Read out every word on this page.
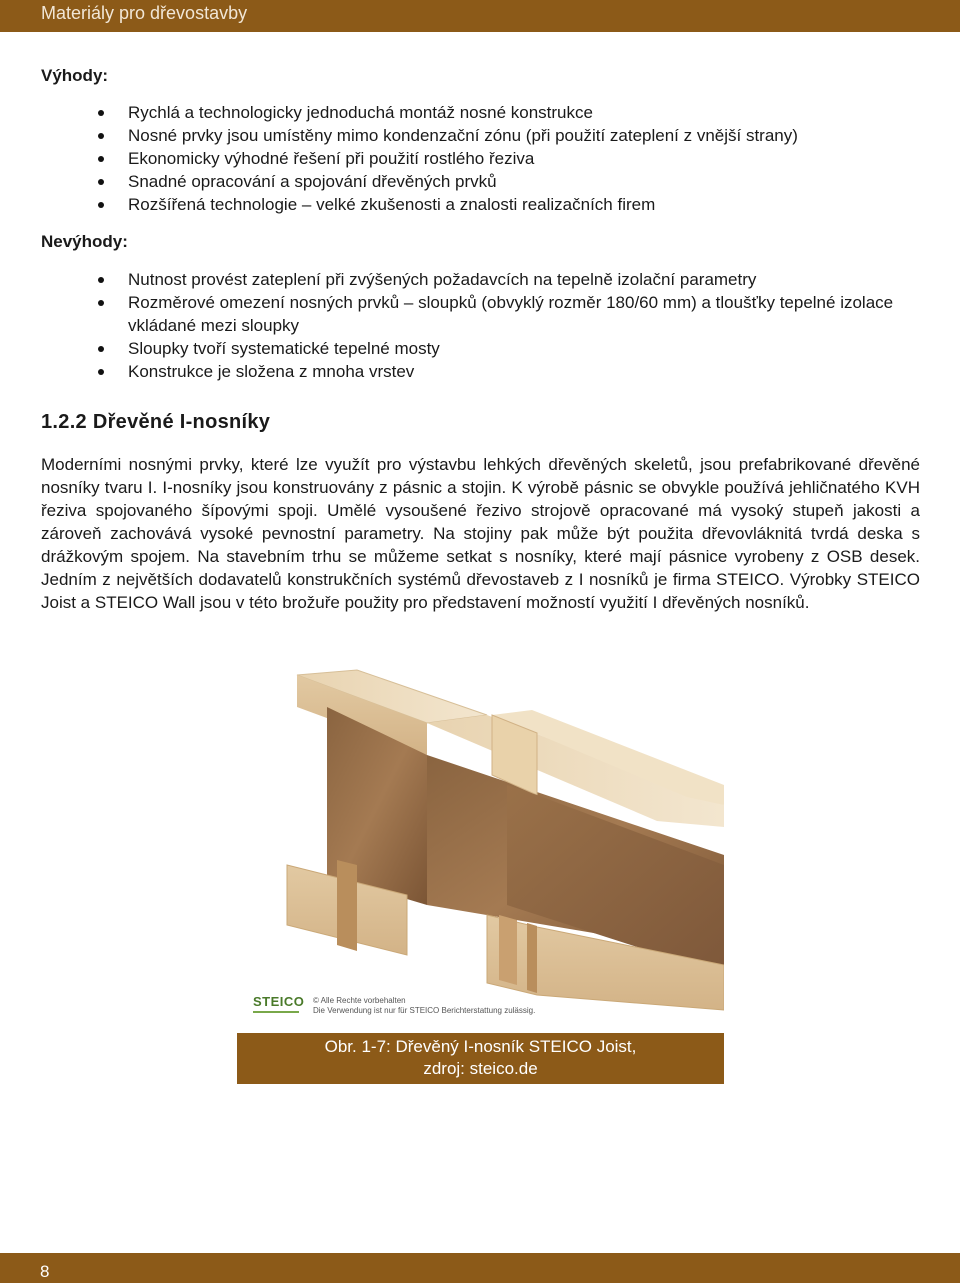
Materiály pro dřevostavby
Výhody:
Rychlá a technologicky jednoduchá montáž nosné konstrukce
Nosné prvky jsou umístěny mimo kondenzační zónu (při použití zateplení z vnější strany)
Ekonomicky výhodné řešení při použití rostlého řeziva
Snadné opracování a spojování dřevěných prvků
Rozšířená technologie – velké zkušenosti a znalosti realizačních firem
Nevýhody:
Nutnost provést zateplení při zvýšených požadavcích na tepelně izolační parametry
Rozměrové omezení nosných prvků – sloupků (obvyklý rozměr 180/60 mm) a tloušťky tepelné izolace vkládané mezi sloupky
Sloupky tvoří systematické tepelné mosty
Konstrukce je složena z mnoha vrstev
1.2.2 Dřevěné I-nosníky

Moderními nosnými prvky, které lze využít pro výstavbu lehkých dřevěných skeletů, jsou prefabrikované dřevěné nosníky tvaru I. I-nosníky jsou konstruovány z pásnic a stojin. K výrobě pásnic se obvykle používá jehličnatého KVH řeziva spojovaného šípovými spoji. Umělé vysoušené řezivo strojově opracované má vysoký stupeň jakosti a zároveň zachovává vysoké pevnostní parametry. Na stojiny pak může být použita dřevovláknitá tvrdá deska s drážkovým spojem. Na stavebním trhu se můžeme setkat s nosníky, které mají pásnice vyrobeny z OSB desek. Jedním z největších dodavatelů konstrukčních systémů dřevostaveb z I nosníků je firma STEICO. Výrobky STEICO Joist a STEICO Wall jsou v této brožuře použity pro představení možností využití I dřevěných nosníků.

STEICO © Alle Rechte vorbehalten
Die Verwendung ist nur für STEICO Berichterstattung zulässig.
Obr. 1-7: Dřevěný I-nosník STEICO Joist,
zdroj: steico.de
8
